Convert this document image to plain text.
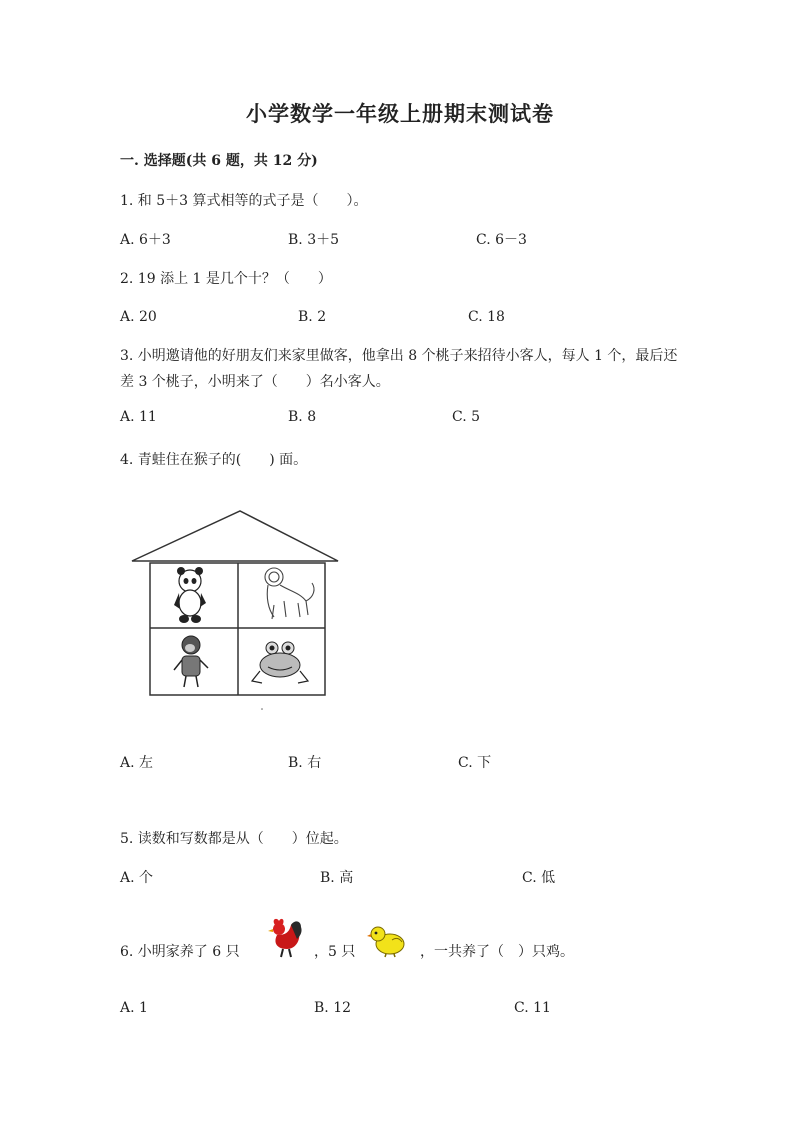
小学数学一年级上册期末测试卷
一. 选择题(共 6 题，共 12 分)
1. 和 5＋3 算式相等的式子是（　　）。
A. 6＋3	B. 3＋5	C. 6－3
2. 19 添上 1 是几个十？（　　）
A. 20	B. 2	C. 18
3. 小明邀请他的好朋友们来家里做客，他拿出 8 个桃子来招待小客人，每人 1 个，最后还差 3 个桃子，小明来了（　　）名小客人。
A. 11	B. 8	C. 5
4. 青蛙住在猴子的(　　) 面。
A. 左	B. 右	C. 下
5. 读数和写数都是从（　　）位起。
A. 个	B. 高	C. 低
6. 小明家养了 6 只	，5 只	，一共养了（　）只鸡。
A. 1	B. 12	C. 11
